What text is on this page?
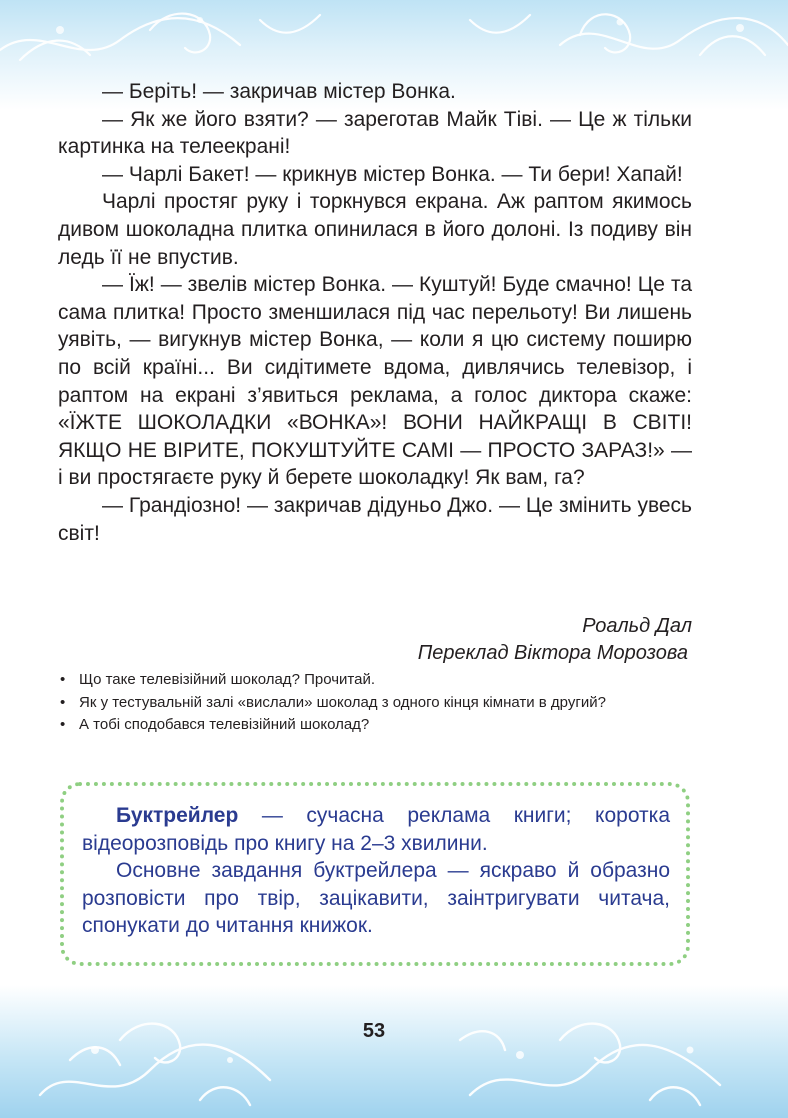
— Беріть! — закричав містер Вонка.

— Як же його взяти? — зареготав Майк Тіві. — Це ж тільки картинка на телеекрані!

— Чарлі Бакет! — крикнув містер Вонка. — Ти бери! Хапай!

Чарлі простяг руку і торкнувся екрана. Аж раптом якимось дивом шоколадна плитка опинилася в його долоні. Із подиву він ледь її не впустив.

— Їж! — звелів містер Вонка. — Куштуй! Буде смачно! Це та сама плитка! Просто зменшилася під час перельоту! Ви лишень уявіть, — вигукнув містер Вонка, — коли я цю систему поширю по всій країні... Ви сидітимете вдома, дивлячись телевізор, і раптом на екрані з’явиться реклама, а голос диктора скаже: «ЇЖТЕ ШОКОЛАДКИ «ВОНКА»! ВОНИ НАЙКРАЩІ В СВІТІ! ЯКЩО НЕ ВІРИТЕ, ПОКУШТУЙТЕ САМІ — ПРОСТО ЗАРАЗ!» — і ви простягаєте руку й берете шоколадку! Як вам, га?

— Грандіозно! — закричав дідуньо Джо. — Це змінить увесь світ!

Роальд Дал
Переклад Віктора Морозова
• Що таке телевізійний шоколад? Прочитай.
• Як у тестувальній залі «вислали» шоколад з одного кінця кімнати в другий?
• А тобі сподобався телевізійний шоколад?

Буктрейлер — сучасна реклама книги; коротка відеорозповідь про книгу на 2–3 хвилини.

Основне завдання буктрейлера — яскраво й образно розповісти про твір, зацікавити, заінтригувати читача, спонукати до читання книжок.

53
